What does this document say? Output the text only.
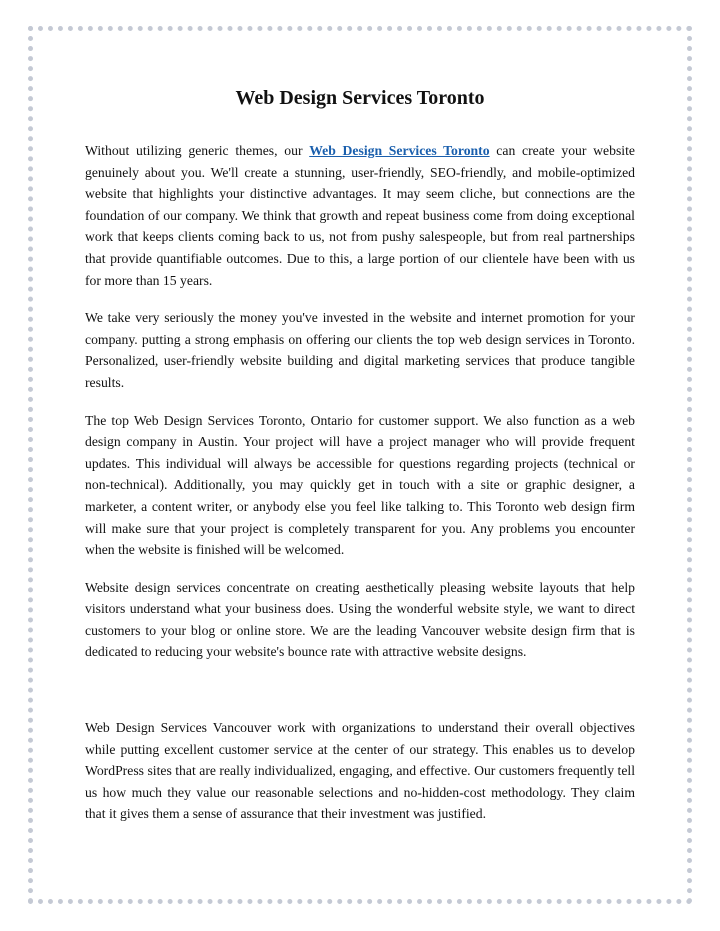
Web Design Services Toronto

Without utilizing generic themes, our Web Design Services Toronto can create your website genuinely about you. We'll create a stunning, user-friendly, SEO-friendly, and mobile-optimized website that highlights your distinctive advantages. It may seem cliche, but connections are the foundation of our company. We think that growth and repeat business come from doing exceptional work that keeps clients coming back to us, not from pushy salespeople, but from real partnerships that provide quantifiable outcomes. Due to this, a large portion of our clientele have been with us for more than 15 years.

We take very seriously the money you've invested in the website and internet promotion for your company. putting a strong emphasis on offering our clients the top web design services in Toronto. Personalized, user-friendly website building and digital marketing services that produce tangible results.

The top Web Design Services Toronto, Ontario for customer support. We also function as a web design company in Austin. Your project will have a project manager who will provide frequent updates. This individual will always be accessible for questions regarding projects (technical or non-technical). Additionally, you may quickly get in touch with a site or graphic designer, a marketer, a content writer, or anybody else you feel like talking to. This Toronto web design firm will make sure that your project is completely transparent for you. Any problems you encounter when the website is finished will be welcomed.

Website design services concentrate on creating aesthetically pleasing website layouts that help visitors understand what your business does. Using the wonderful website style, we want to direct customers to your blog or online store. We are the leading Vancouver website design firm that is dedicated to reducing your website's bounce rate with attractive website designs.

Web Design Services Vancouver work with organizations to understand their overall objectives while putting excellent customer service at the center of our strategy. This enables us to develop WordPress sites that are really individualized, engaging, and effective. Our customers frequently tell us how much they value our reasonable selections and no-hidden-cost methodology. They claim that it gives them a sense of assurance that their investment was justified.
